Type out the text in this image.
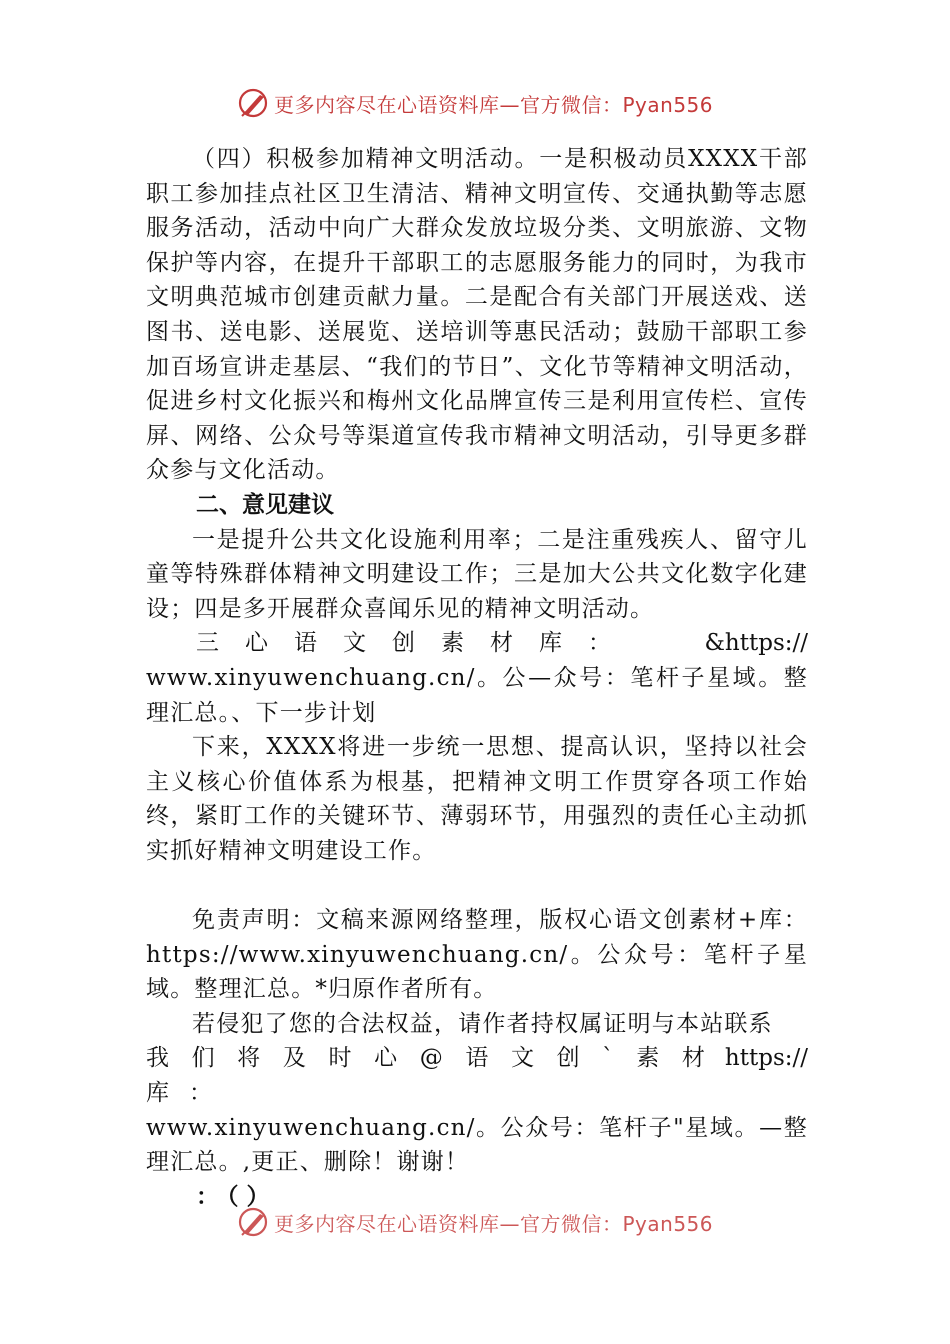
更多内容尽在心语资料库—官方微信：Pyan556

（四）积极参加精神文明活动。一是积极动员XXXX干部职工参加挂点社区卫生清洁、精神文明宣传、交通执勤等志愿服务活动，活动中向广大群众发放垃圾分类、文明旅游、文物保护等内容，在提升干部职工的志愿服务能力的同时，为我市文明典范城市创建贡献力量。二是配合有关部门开展送戏、送图书、送电影、送展览、送培训等惠民活动；鼓励干部职工参加百场宣讲走基层、“我们的节日”、文化节等精神文明活动，促进乡村文化振兴和梅州文化品牌宣传三是利用宣传栏、宣传屏、网络、公众号等渠道宣传我市精神文明活动，引导更多群众参与文化活动。

二、意见建议

一是提升公共文化设施利用率；二是注重残疾人、留守儿童等特殊群体精神文明建设工作；三是加大公共文化数字化建设；四是多开展群众喜闻乐见的精神文明活动。

三心语文创素材库：	&https://

www.xinyuwenchuang.cn/。公—众号：笔杆子星域。整理汇总。、下一步计划

下来，XXXX将进一步统一思想、提高认识，坚持以社会主义核心价值体系为根基，把精神文明工作贯穿各项工作始终，紧盯工作的关键环节、薄弱环节，用强烈的责任心主动抓实抓好精神文明建设工作。

免责声明：文稿来源网络整理，版权心语文创素材+库：https://www.xinyuwenchuang.cn/。公众号：笔杆子星域。整理汇总。*归原作者所有。

若侵犯了您的合法权益，请作者持权属证明与本站联系

我们将及时心@语文创`素材库：
https://

www.xinyuwenchuang.cn/。公众号：笔杆子"星域。—整理汇总。,更正、删除！谢谢！

：（）

更多内容尽在心语资料库—官方微信：Pyan556
